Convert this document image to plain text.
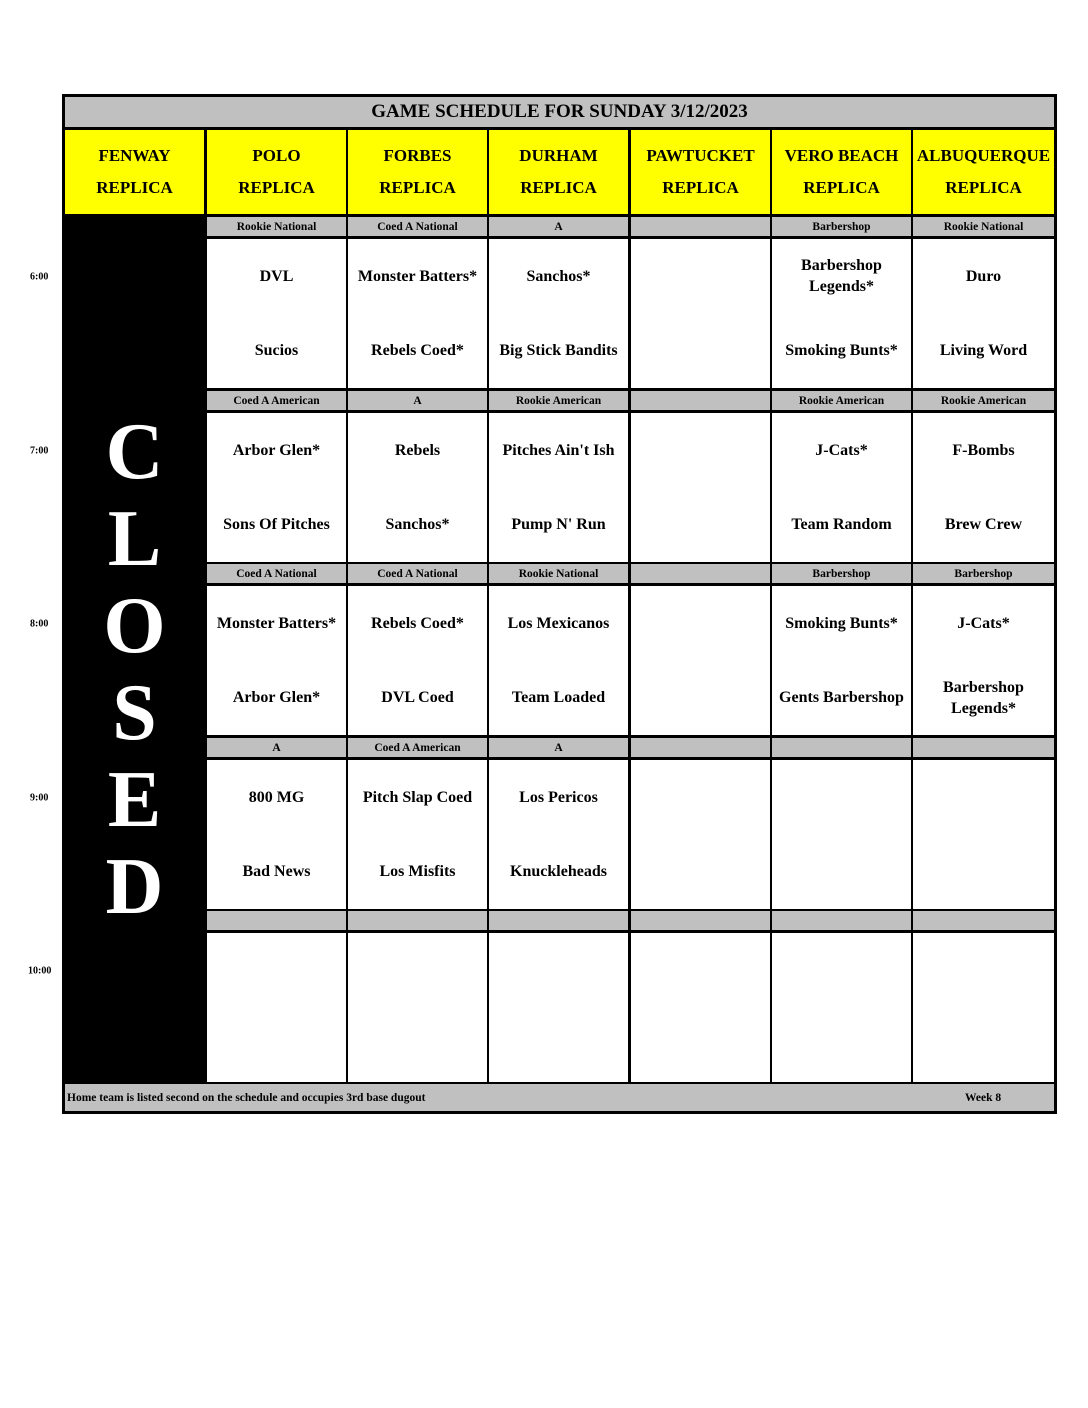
6:00
7:00
8:00
9:00
10:00
GAME SCHEDULE FOR SUNDAY 3/12/2023
Home team is listed second on the schedule and occupies 3rd base dugout	Week 8
FENWAY
REPLICA
POLO
REPLICA
FORBES
REPLICA
DURHAM
REPLICA
PAWTUCKET
REPLICA
VERO BEACH
REPLICA
ALBUQUERQUE
REPLICA
C
L
O
S
E
D
Rookie National
DVL
Sucios
Coed A National
Monster Batters*
Rebels Coed*
A
Sanchos*
Big Stick Bandits
Barbershop
Barbershop Legends*
Smoking Bunts*
Rookie National
Duro
Living Word
Coed A American
Arbor Glen*
Sons Of Pitches
A
Rebels
Sanchos*
Rookie American
Pitches Ain't Ish
Pump N' Run
Rookie American
J-Cats*
Team Random
Rookie American
F-Bombs
Brew Crew
Coed A National
Monster Batters*
Arbor Glen*
Coed A National
Rebels Coed*
DVL Coed
Rookie National
Los Mexicanos
Team Loaded
Barbershop
Smoking Bunts*
Gents Barbershop
Barbershop
J-Cats*
Barbershop Legends*
A
800 MG
Bad News
Coed A American
Pitch Slap Coed
Los Misfits
A
Los Pericos
Knuckleheads
